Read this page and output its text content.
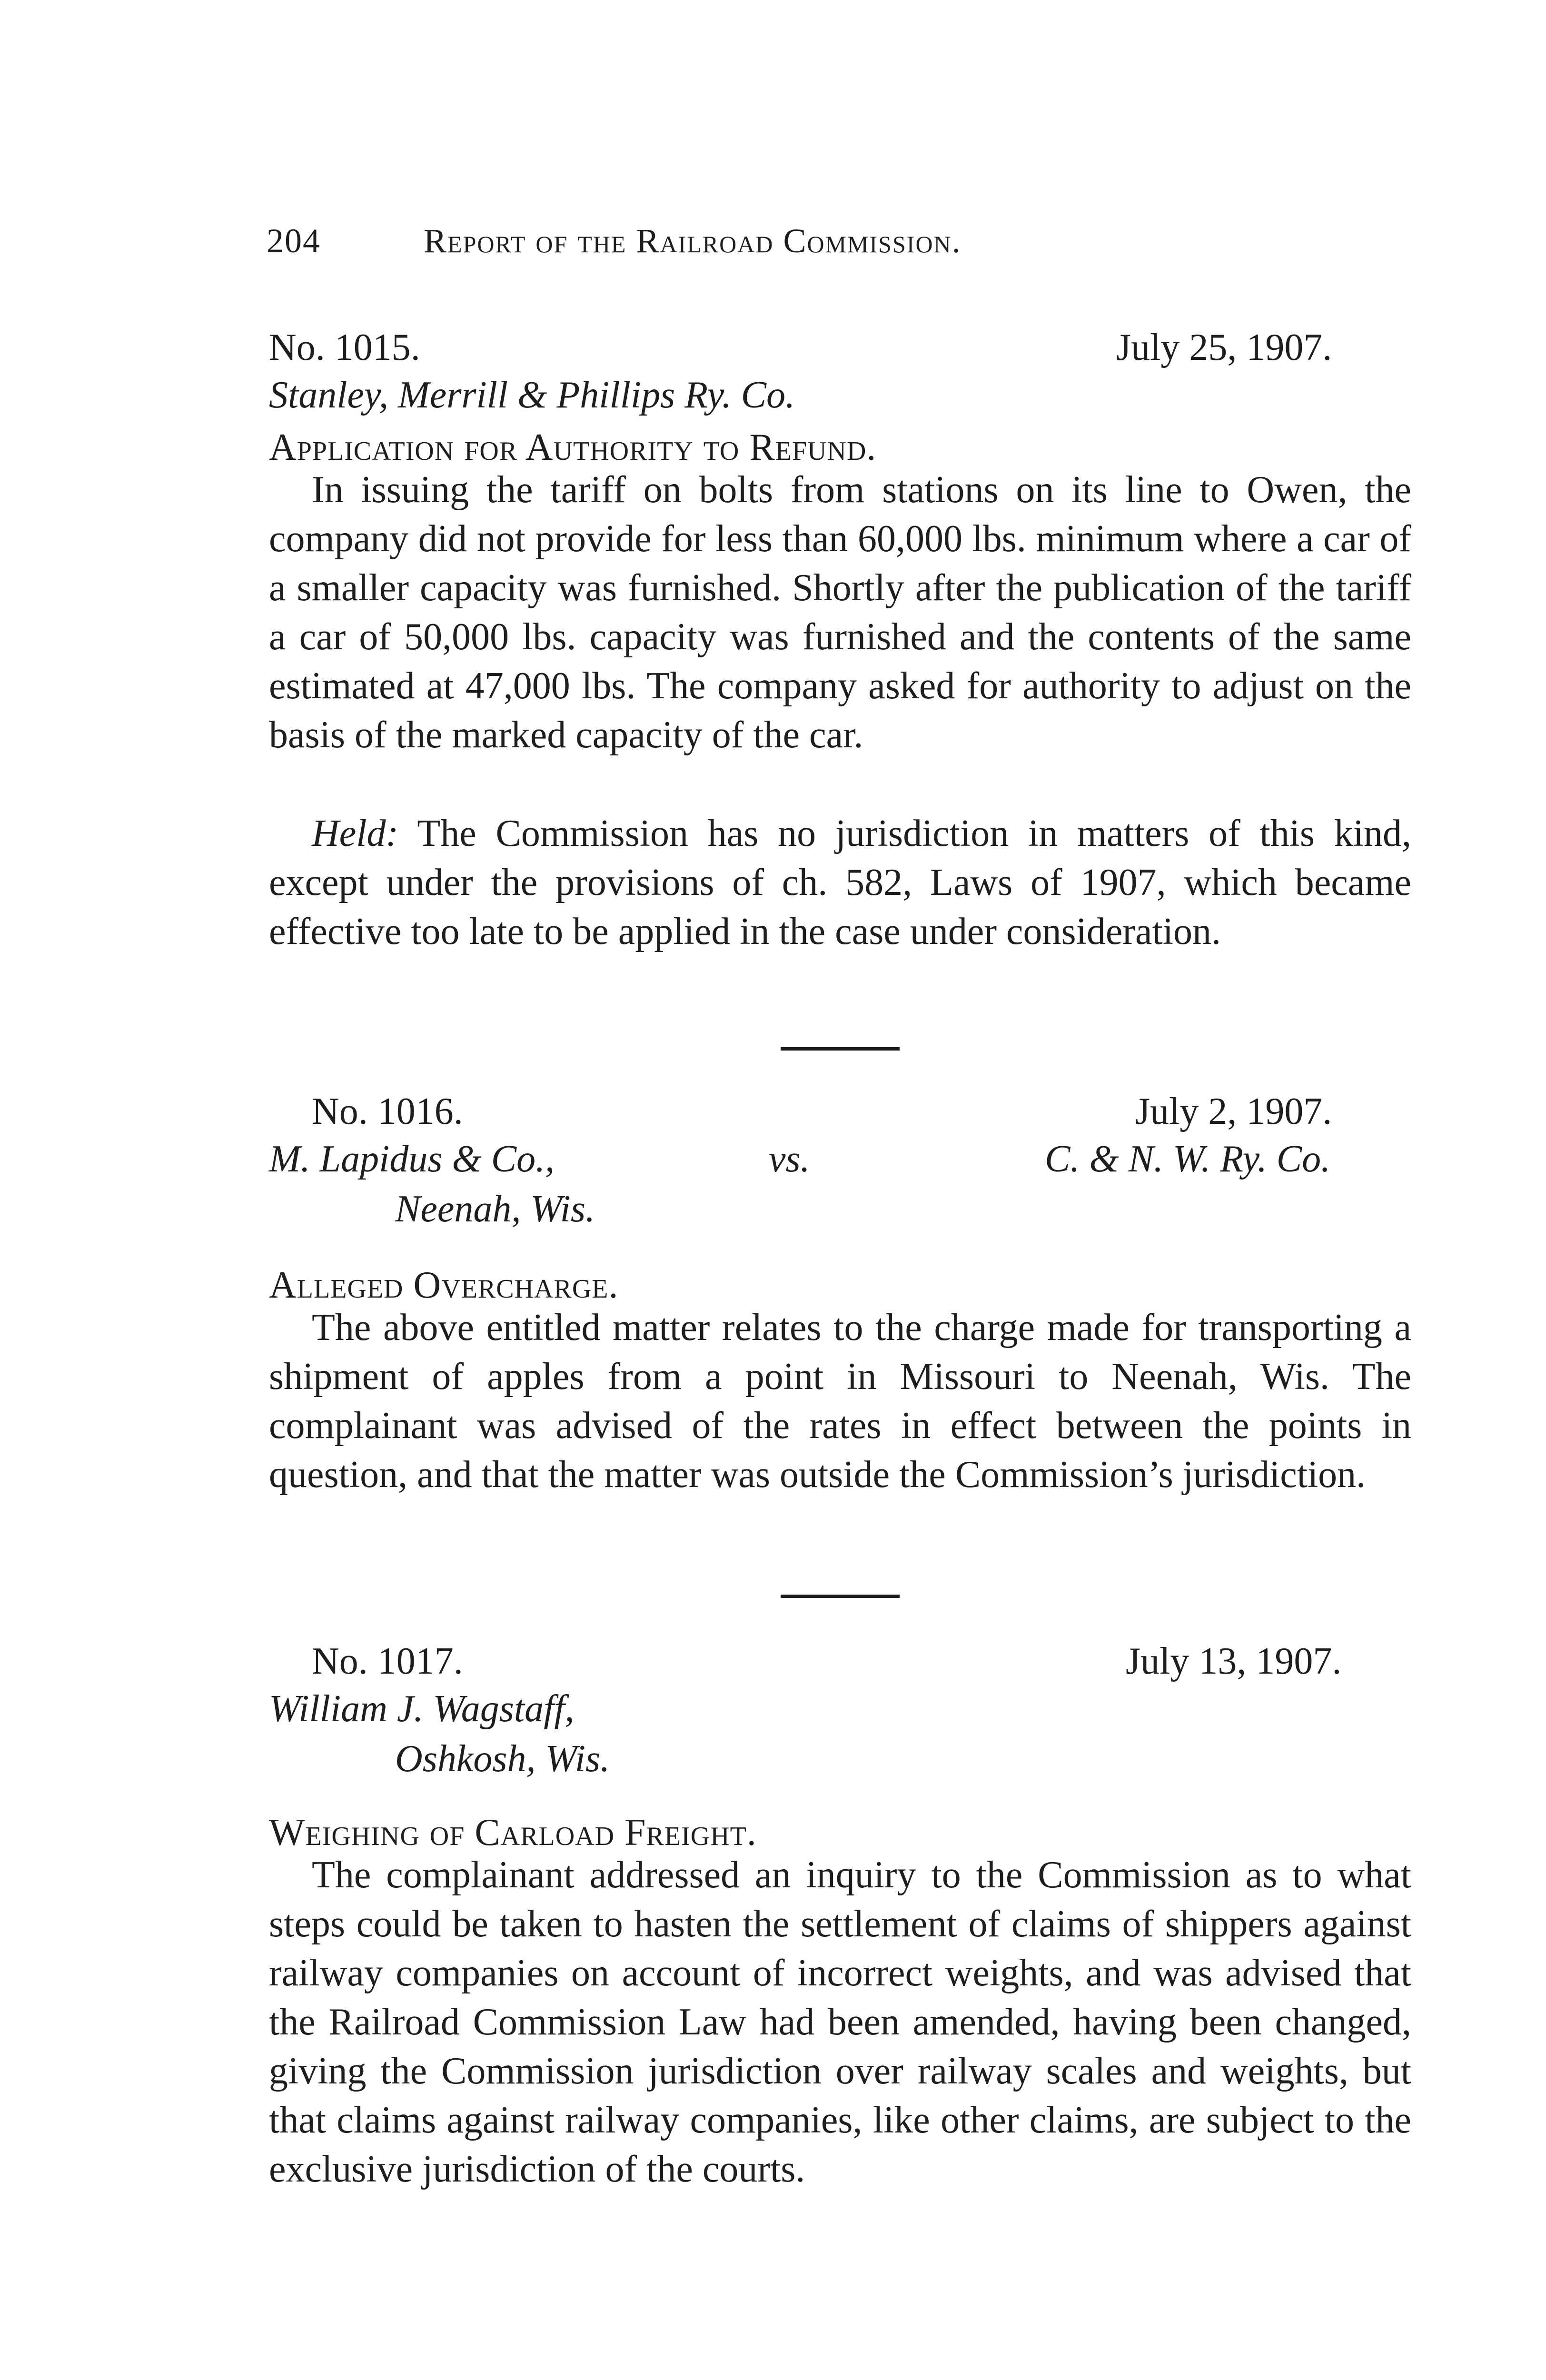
204	Report of the Railroad Commission.
No. 1015.	July 25, 1907.
Stanley, Merrill & Phillips Ry. Co.
Application for Authority to Refund.

In issuing the tariff on bolts from stations on its line to Owen, the company did not provide for less than 60,000 lbs. minimum where a car of a smaller capacity was furnished. Shortly after the publication of the tariff a car of 50,000 lbs. capacity was furnished and the contents of the same estimated at 47,000 lbs. The company asked for authority to adjust on the basis of the marked capacity of the car.

Held: The Commission has no jurisdiction in matters of this kind, except under the provisions of ch. 582, Laws of 1907, which became effective too late to be applied in the case under consideration.

No. 1016.	July 2, 1907.
M. Lapidus & Co.,	vs.	C. & N. W. Ry. Co.
Neenah, Wis.
Alleged Overcharge.

The above entitled matter relates to the charge made for transporting a shipment of apples from a point in Missouri to Neenah, Wis. The complainant was advised of the rates in effect between the points in question, and that the matter was outside the Commission’s jurisdiction.

No. 1017.	July 13, 1907.
William J. Wagstaff,
Oshkosh, Wis.
Weighing of Carload Freight.

The complainant addressed an inquiry to the Commission as to what steps could be taken to hasten the settlement of claims of shippers against railway companies on account of incorrect weights, and was advised that the Railroad Commission Law had been amended, having been changed, giving the Commission jurisdiction over railway scales and weights, but that claims against railway companies, like other claims, are subject to the exclusive jurisdiction of the courts.
